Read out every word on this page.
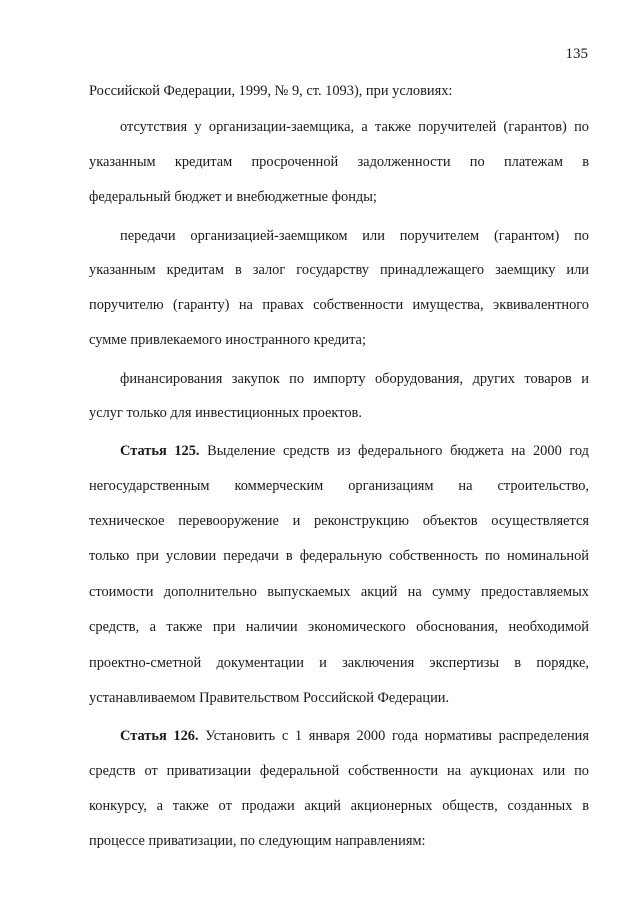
135
Российской Федерации, 1999, № 9, ст. 1093), при условиях:
отсутствия у организации-заемщика, а также поручителей (гарантов) по
указанным кредитам просроченной задолженности по платежам в
федеральный бюджет и внебюджетные фонды;
передачи организацией-заемщиком или поручителем (гарантом) по
указанным кредитам в залог государству принадлежащего заемщику или
поручителю (гаранту) на правах собственности имущества, эквивалентного
сумме привлекаемого иностранного кредита;
финансирования закупок по импорту оборудования, других товаров и
услуг только для инвестиционных проектов.
Статья 125. Выделение средств из федерального бюджета на 2000 год
негосударственным коммерческим организациям на строительство,
техническое перевооружение и реконструкцию объектов осуществляется
только при условии передачи в федеральную собственность по номинальной
стоимости дополнительно выпускаемых акций на сумму предоставляемых
средств, а также при наличии экономического обоснования, необходимой
проектно-сметной документации и заключения экспертизы в порядке,
устанавливаемом Правительством Российской Федерации.
Статья 126. Установить с 1 января 2000 года нормативы распределения
средств от приватизации федеральной собственности на аукционах или по
конкурсу, а также от продажи акций акционерных обществ, созданных в
процессе приватизации, по следующим направлениям:
